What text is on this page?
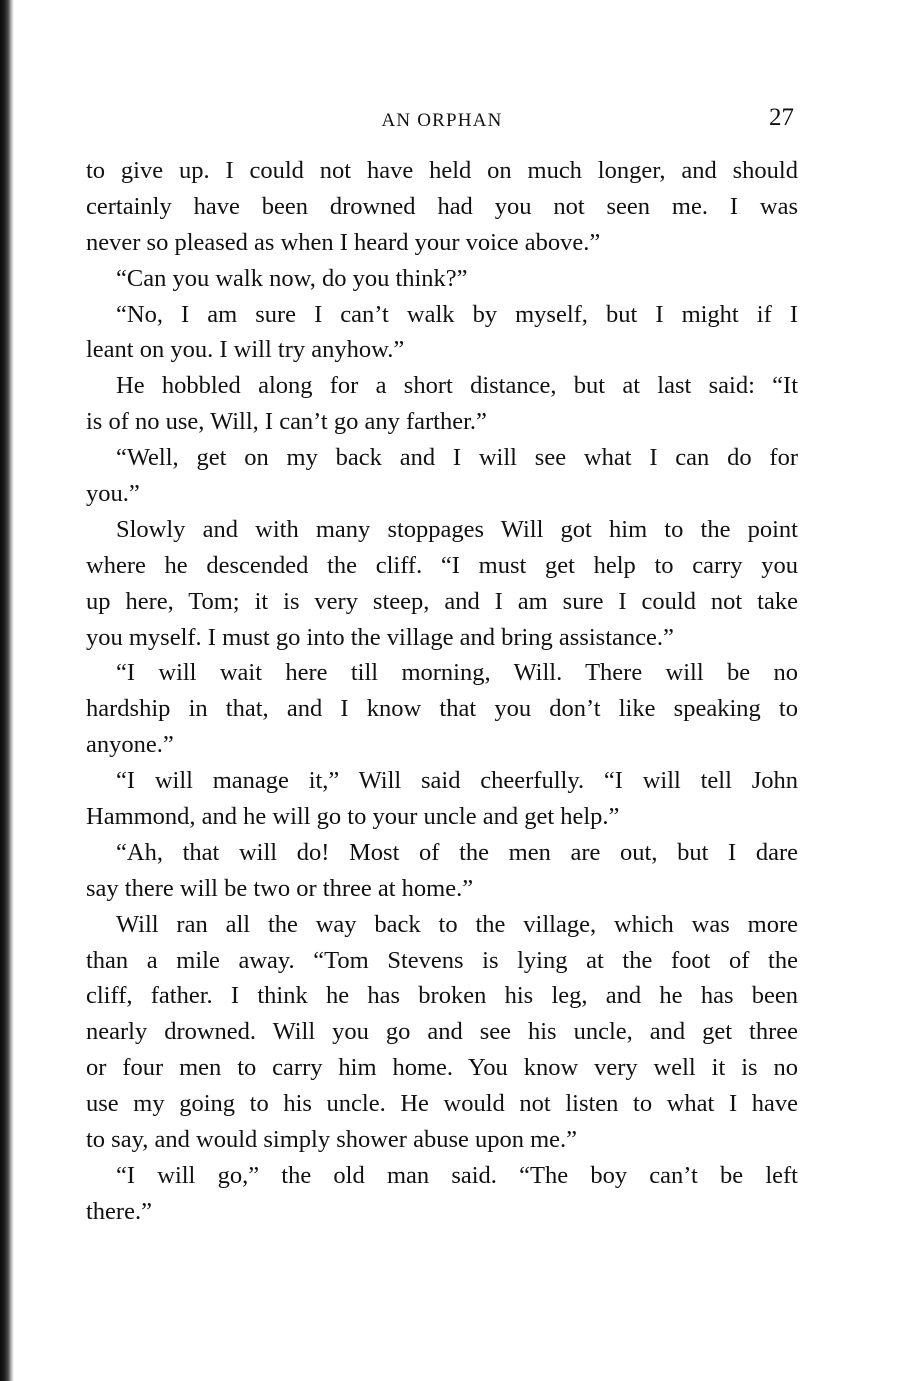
AN ORPHAN	27
to give up. I could not have held on much longer, and should
certainly have been drowned had you not seen me. I was
never so pleased as when I heard your voice above.”
“Can you walk now, do you think?”
“No, I am sure I can’t walk by myself, but I might if I
leant on you. I will try anyhow.”
He hobbled along for a short distance, but at last said: “It
is of no use, Will, I can’t go any farther.”
“Well, get on my back and I will see what I can do for
you.”
Slowly and with many stoppages Will got him to the point
where he descended the cliff. “I must get help to carry you
up here, Tom; it is very steep, and I am sure I could not take
you myself. I must go into the village and bring assistance.”
“I will wait here till morning, Will. There will be no
hardship in that, and I know that you don’t like speaking to
anyone.”
“I will manage it,” Will said cheerfully. “I will tell John
Hammond, and he will go to your uncle and get help.”
“Ah, that will do! Most of the men are out, but I dare
say there will be two or three at home.”
Will ran all the way back to the village, which was more
than a mile away. “Tom Stevens is lying at the foot of the
cliff, father. I think he has broken his leg, and he has been
nearly drowned. Will you go and see his uncle, and get three
or four men to carry him home. You know very well it is no
use my going to his uncle. He would not listen to what I have
to say, and would simply shower abuse upon me.”
“I will go,” the old man said. “The boy can’t be left
there.”
